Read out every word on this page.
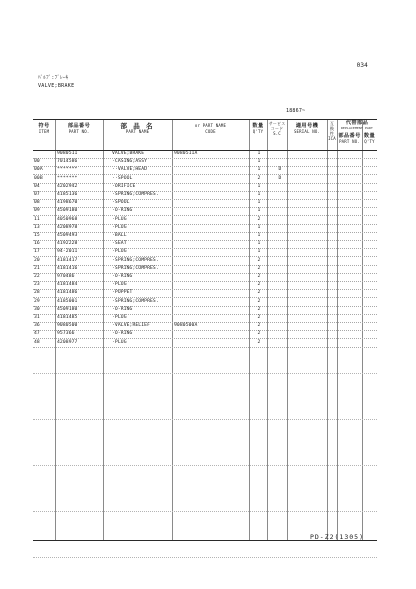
034
ﾊﾞﾙﾌﾞ:ﾌﾞﾚｰｷ
VALVE;BRAKE
18867~
符号
ITEM
部品番号
PART NO.
部 品 名
PART NAME
or PART NAME
CODE
数量
Q'TY
サービス
コード
S.C
適用号機
SERIAL NO.
互
換
性
ICA
代替部品
REPLACEMENT PART
部品番号
PART NO.
数量
Q'TY
9080511	VALVE;BRAKE	9080511A	1
00	7014586	·CASING;ASSY	1
00A	*******	··VALVE;HEAD	1	D
00B	*******	··SPOOL	2	D
04	4202942	·ORIFICE	1
07	4185136	·SPRING;COMPRES.	1
08	4198670	·SPOOL	1
09	4509180	·O-RING	1
11	4050968	·PLUG	2
13	4208978	·PLUG	1
15	4509493	·BALL	1
16	4192228	·SEAT	1
17	94-2011	·PLUG	1
20	4181417	·SPRING;COMPRES.	2
21	4181416	·SPRING;COMPRES.	2
22	970486	·O-RING	2
23	4181484	·PLUG	2
28	4181486	·POPPET	2
29	4185001	·SPRING;COMPRES.	2
30	4509180	·O-RING	2
31	4181485	·PLUG	2
36	9080500	·VALVE;RELIEF	9080500A	2
47	957366	·O-RING	2
48	4208977	·PLUG	2
PD-Z2(1305)
